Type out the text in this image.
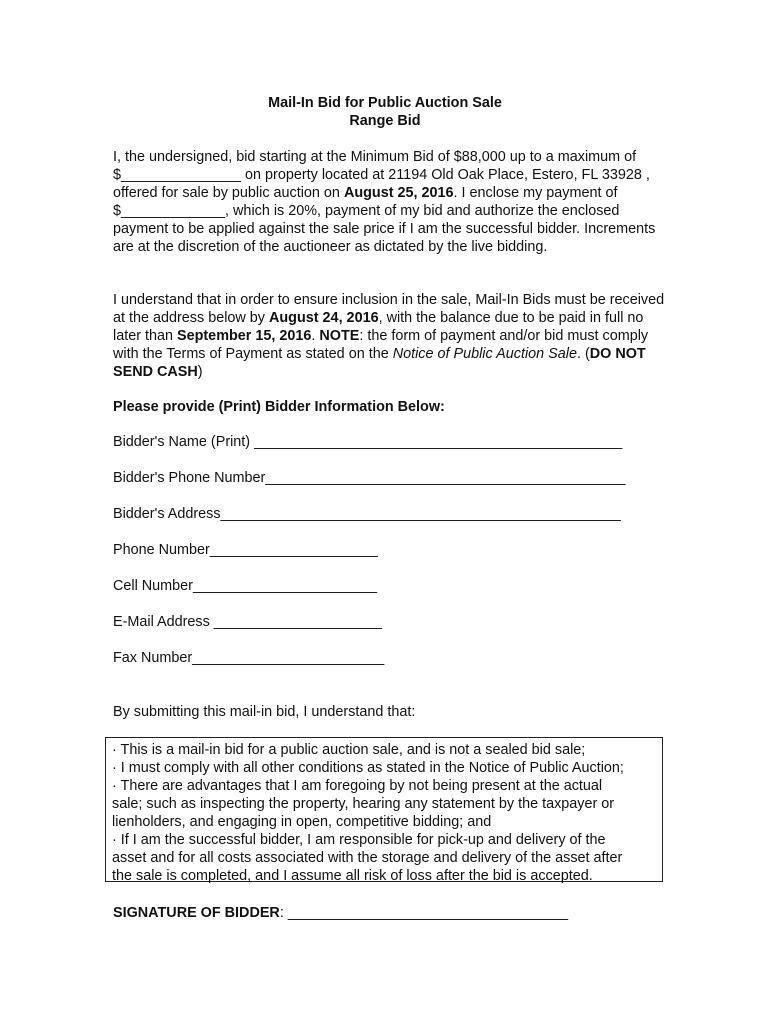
Mail-In Bid for Public Auction Sale
Range Bid

I, the undersigned, bid starting at the Minimum Bid of $88,000 up to a maximum of $_______________ on property located at 21194 Old Oak Place, Estero, FL 33928 , offered for sale by public auction on August 25, 2016. I enclose my payment of $_____________, which is 20%, payment of my bid and authorize the enclosed payment to be applied against the sale price if I am the successful bidder. Increments are at the discretion of the auctioneer as dictated by the live bidding.

I understand that in order to ensure inclusion in the sale, Mail-In Bids must be received at the address below by August 24, 2016, with the balance due to be paid in full no later than September 15, 2016. NOTE: the form of payment and/or bid must comply with the Terms of Payment as stated on the Notice of Public Auction Sale. (DO NOT SEND CASH)

Please provide (Print) Bidder Information Below:
Bidder's Name (Print) ______________________________________________
Bidder's Phone Number_____________________________________________
Bidder's Address__________________________________________________
Phone Number_____________________
Cell Number_______________________
E-Mail Address _____________________
Fax Number________________________
By submitting this mail-in bid, I understand that:
· This is a mail-in bid for a public auction sale, and is not a sealed bid sale;
· I must comply with all other conditions as stated in the Notice of Public Auction;
· There are advantages that I am foregoing by not being present at the actual
sale; such as inspecting the property, hearing any statement by the taxpayer or
lienholders, and engaging in open, competitive bidding; and
· If I am the successful bidder, I am responsible for pick-up and delivery of the
asset and for all costs associated with the storage and delivery of the asset after
the sale is completed, and I assume all risk of loss after the bid is accepted.
SIGNATURE OF BIDDER: ___________________________________
